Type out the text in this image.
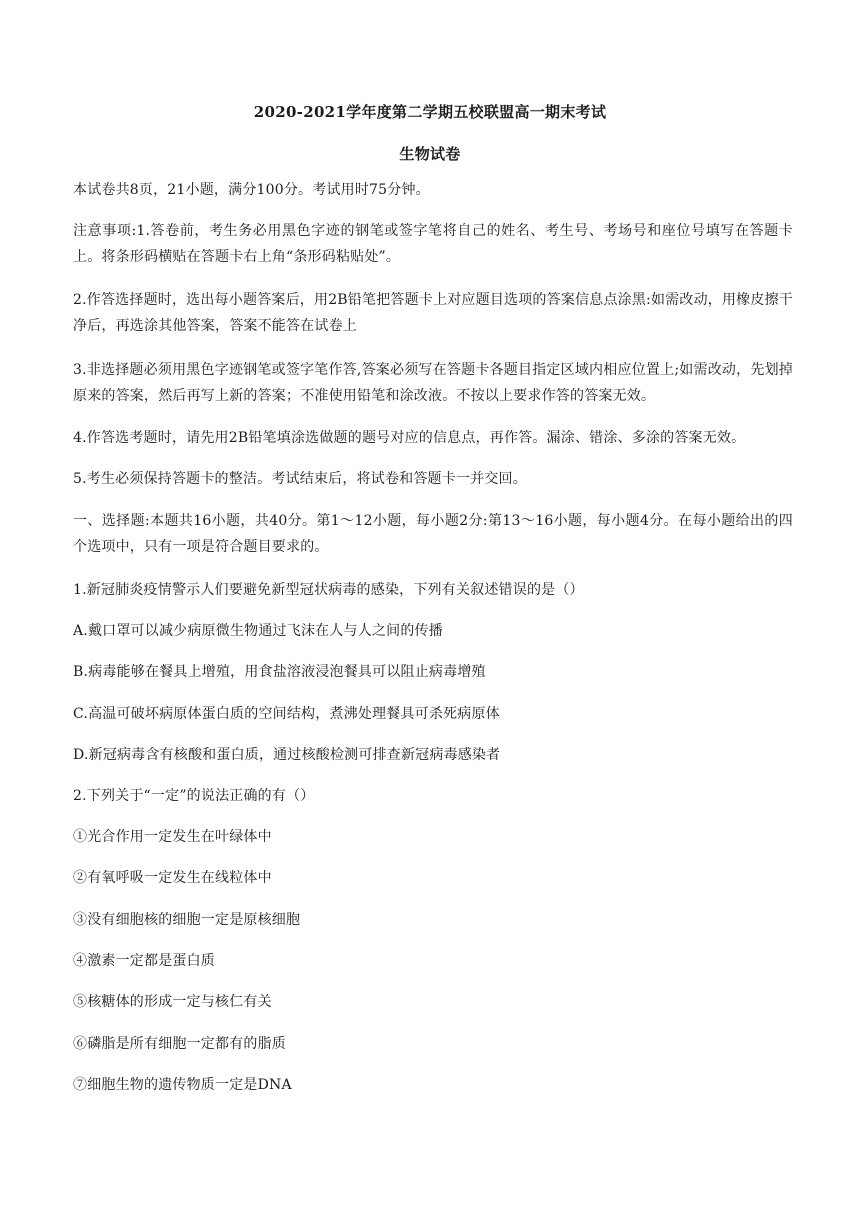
2020-2021学年度第二学期五校联盟高一期末考试
生物试卷
本试卷共8页，21小题，满分100分。考试用时75分钟。
注意事项:1.答卷前，考生务必用黑色字迹的钢笔或签字笔将自己的姓名、考生号、考场号和座位号填写在答题卡上。将条形码横贴在答题卡右上角“条形码粘贴处”。
2.作答选择题时，选出每小题答案后，用2B铅笔把答题卡上对应题目选项的答案信息点涂黑:如需改动，用橡皮擦干净后，再选涂其他答案，答案不能答在试卷上
3.非选择题必须用黑色字迹钢笔或签字笔作答,答案必须写在答题卡各题目指定区域内相应位置上;如需改动，先划掉原来的答案，然后再写上新的答案；不准使用铅笔和涂改液。不按以上要求作答的答案无效。
4.作答选考题时，请先用2B铅笔填涂选做题的题号对应的信息点，再作答。漏涂、错涂、多涂的答案无效。
5.考生必须保持答题卡的整洁。考试结束后，将试卷和答题卡一并交回。
一、选择题:本题共16小题，共40分。第1～12小题，每小题2分:第13～16小题，每小题4分。在每小题给出的四个选项中，只有一项是符合题目要求的。
1.新冠肺炎疫情警示人们要避免新型冠状病毒的感染，下列有关叙述错误的是（）
A.戴口罩可以减少病原微生物通过飞沫在人与人之间的传播
B.病毒能够在餐具上增殖，用食盐溶液浸泡餐具可以阻止病毒增殖
C.高温可破坏病原体蛋白质的空间结构，煮沸处理餐具可杀死病原体
D.新冠病毒含有核酸和蛋白质，通过核酸检测可排查新冠病毒感染者
2.下列关于“一定”的说法正确的有（）
①光合作用一定发生在叶绿体中
②有氧呼吸一定发生在线粒体中
③没有细胞核的细胞一定是原核细胞
④激素一定都是蛋白质
⑤核糖体的形成一定与核仁有关
⑥磷脂是所有细胞一定都有的脂质
⑦细胞生物的遗传物质一定是DNA
